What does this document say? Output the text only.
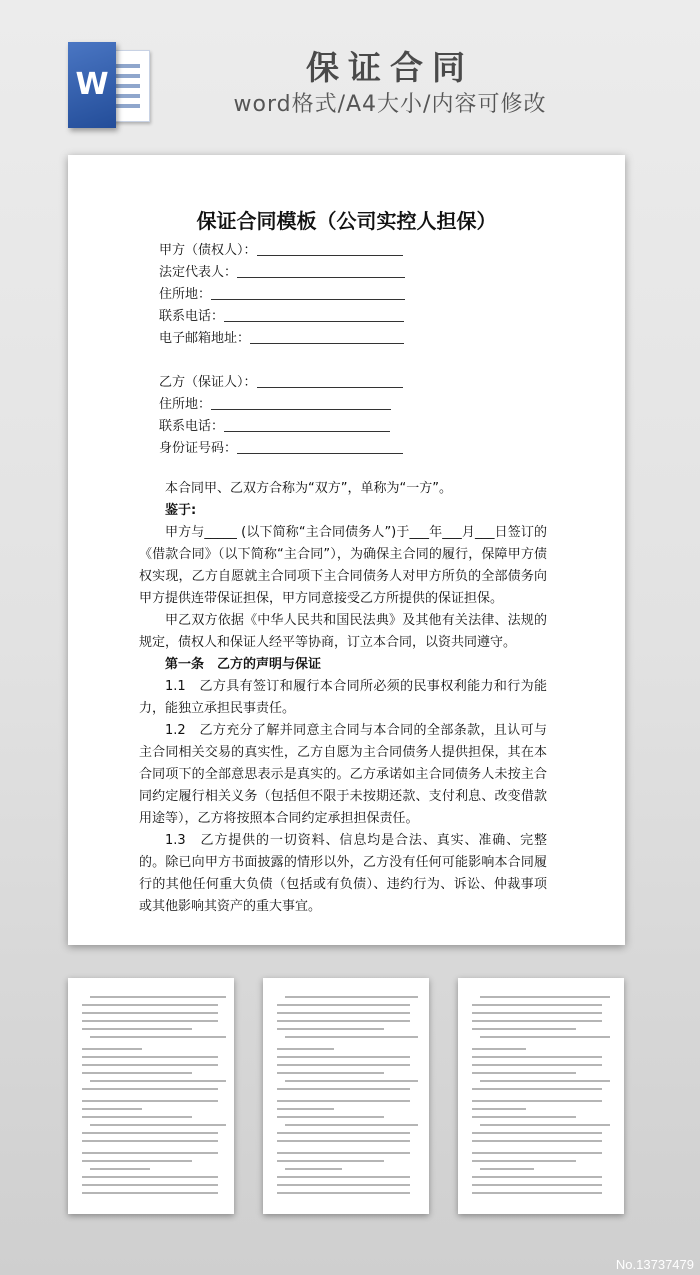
W	保证合同
word格式/A4大小/内容可修改
保证合同模板（公司实控人担保）
甲方（债权人）：
法定代表人：
住所地：
联系电话：
电子邮箱地址：
乙方（保证人）：
住所地：
联系电话：
身份证号码：

本合同甲、乙双方合称为“双方”，单称为“一方”。

鉴于:

甲方与_____ (以下简称“主合同债务人”)于___年___月___日签订的《借款合同》（以下简称“主合同”），为确保主合同的履行，保障甲方债权实现，乙方自愿就主合同项下主合同债务人对甲方所负的全部债务向甲方提供连带保证担保，甲方同意接受乙方所提供的保证担保。

甲乙双方依据《中华人民共和国民法典》及其他有关法律、法规的规定，债权人和保证人经平等协商，订立本合同，以资共同遵守。

第一条　乙方的声明与保证

1.1　乙方具有签订和履行本合同所必须的民事权利能力和行为能力，能独立承担民事责任。

1.2　乙方充分了解并同意主合同与本合同的全部条款，且认可与主合同相关交易的真实性，乙方自愿为主合同债务人提供担保，其在本合同项下的全部意思表示是真实的。乙方承诺如主合同债务人未按主合同约定履行相关义务（包括但不限于未按期还款、支付利息、改变借款用途等），乙方将按照本合同约定承担担保责任。

1.3　乙方提供的一切资料、信息均是合法、真实、准确、完整的。除已向甲方书面披露的情形以外，乙方没有任何可能影响本合同履行的其他任何重大负债（包括或有负债）、违约行为、诉讼、仲裁事项或其他影响其资产的重大事宜。

No.13737479
